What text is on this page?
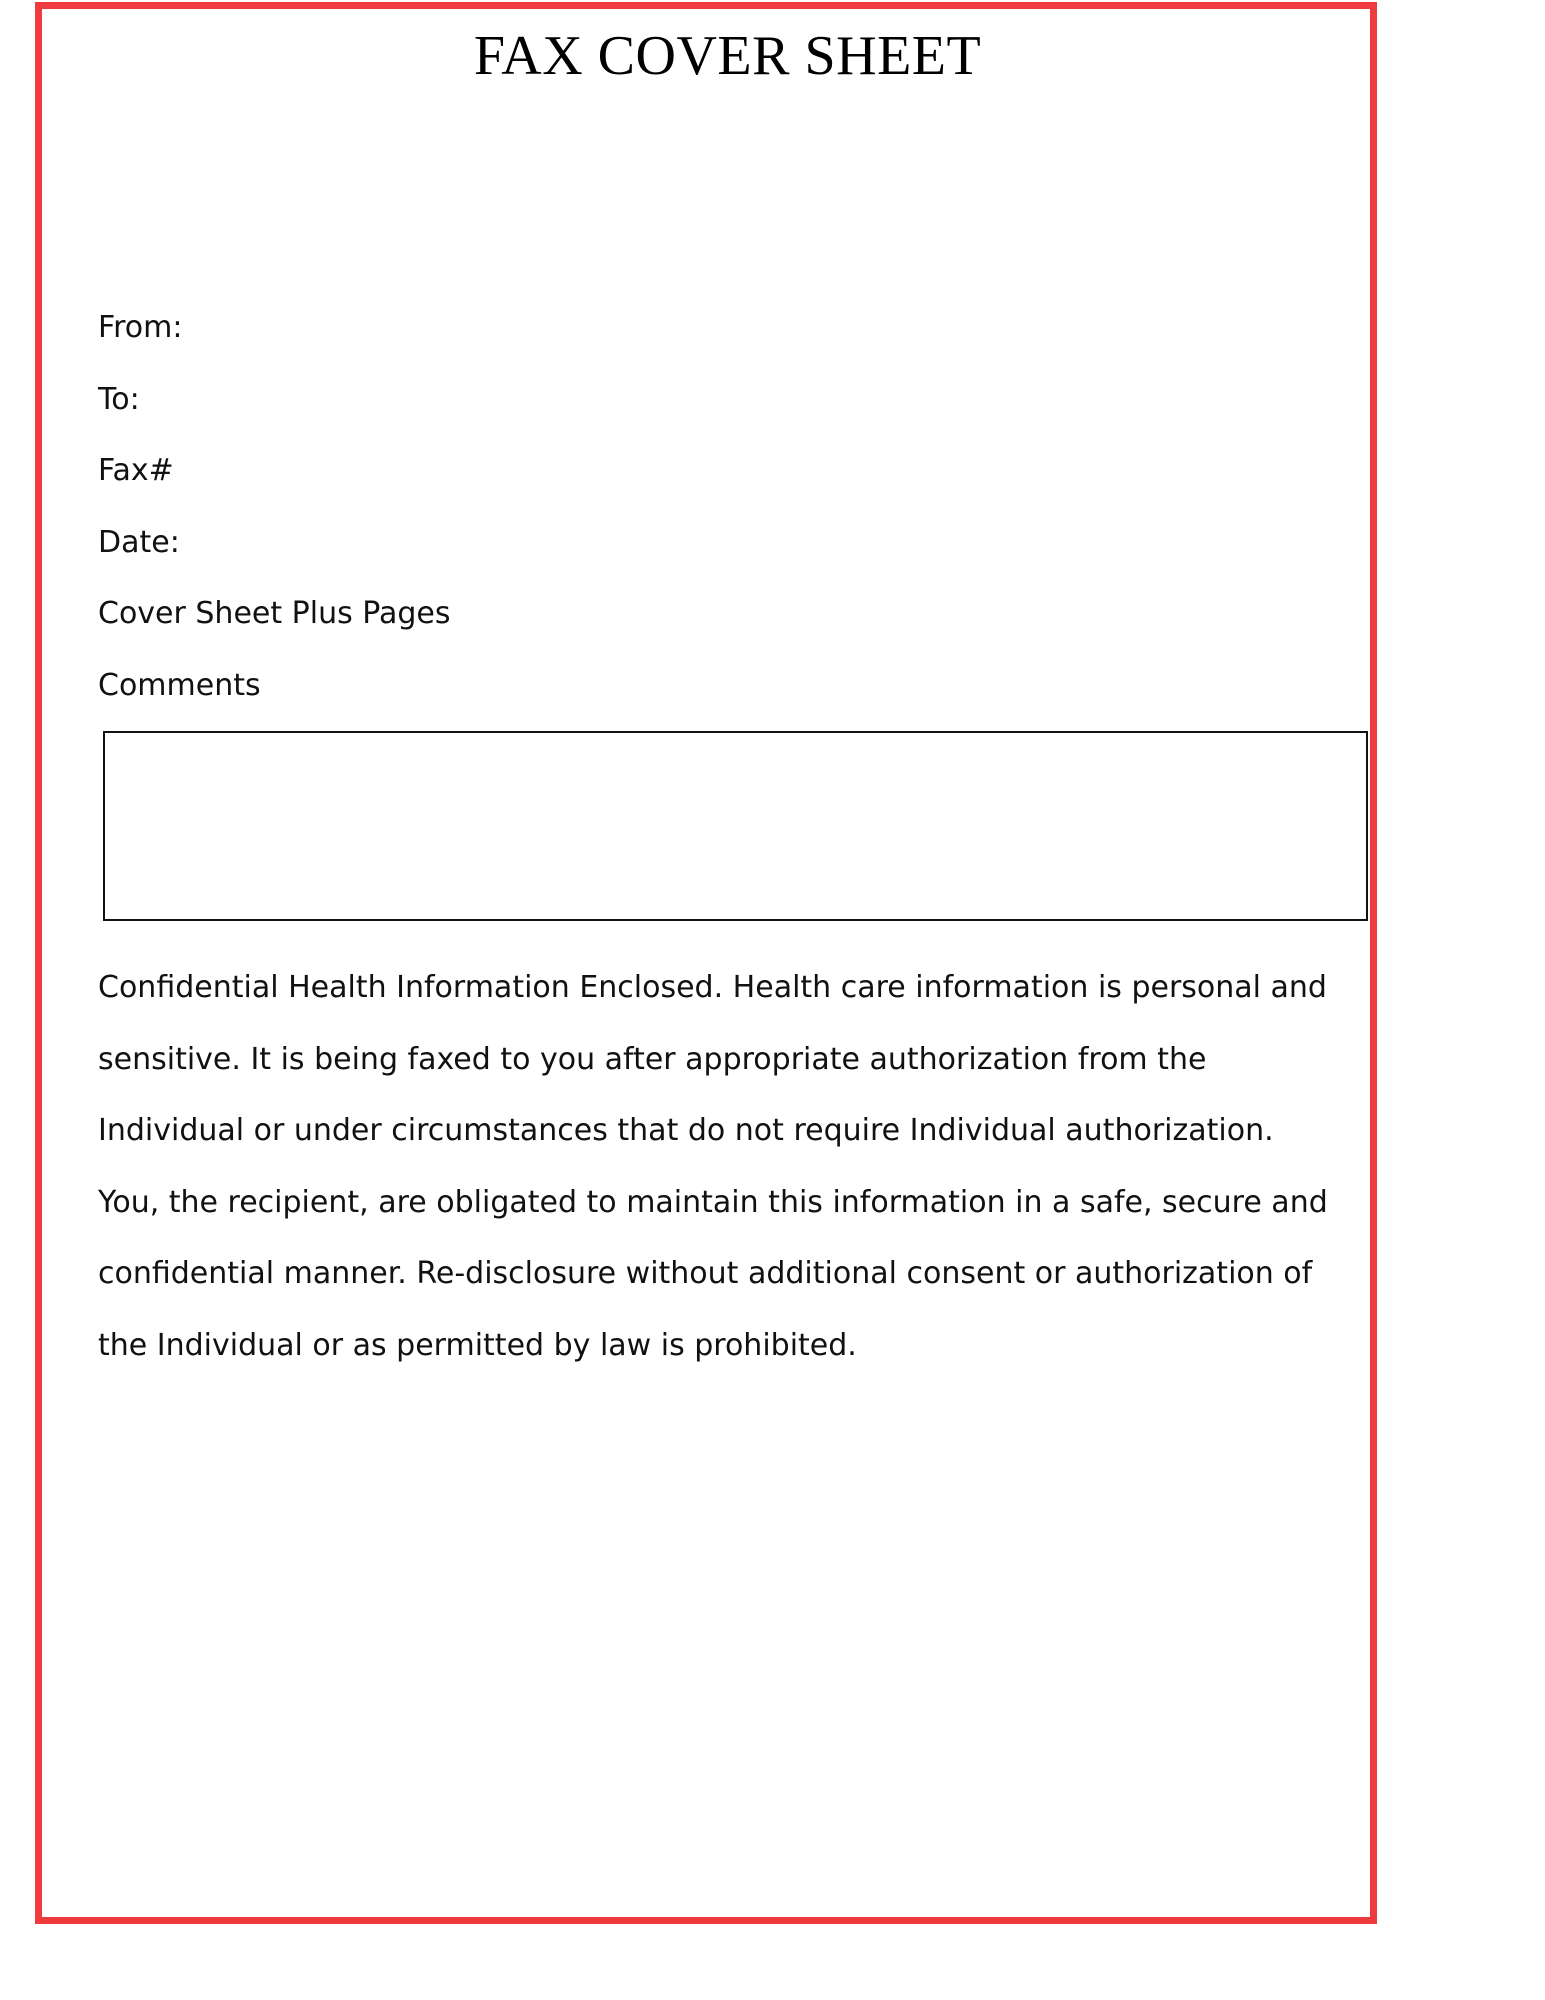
FAX COVER SHEET
From:
To:
Fax#
Date:
Cover Sheet Plus Pages
Comments
Confidential Health Information Enclosed. Health care information is personal and
sensitive. It is being faxed to you after appropriate authorization from the
Individual or under circumstances that do not require Individual authorization.
You, the recipient, are obligated to maintain this information in a safe, secure and
confidential manner. Re-disclosure without additional consent or authorization of
the Individual or as permitted by law is prohibited.
